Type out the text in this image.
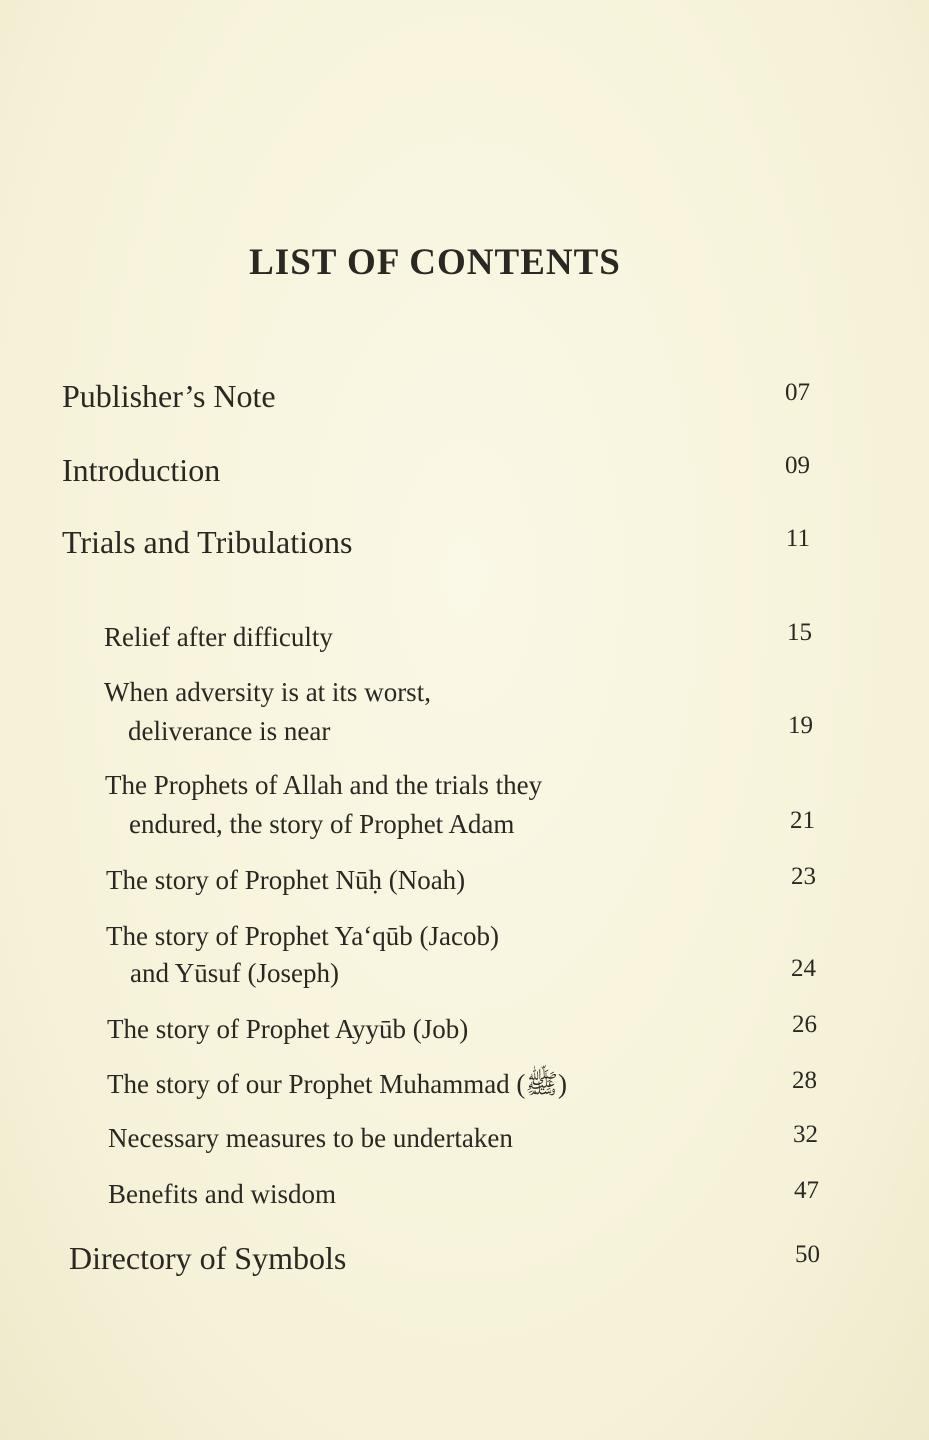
LIST OF CONTENTS
Publisher’s Note	07
Introduction	09
Trials and Tribulations	11
Relief after difficulty	15
When adversity is at its worst,
deliverance is near	19
The Prophets of Allah and the trials they
endured, the story of Prophet Adam	21
The story of Prophet Nūḥ (Noah)	23
The story of Prophet Ya‘qūb (Jacob)
and Yūsuf (Joseph)	24
The story of Prophet Ayyūb (Job)	26
The story of our Prophet Muhammad (ﷺ)	28
Necessary measures to be undertaken	32
Benefits and wisdom	47
Directory of Symbols	50
